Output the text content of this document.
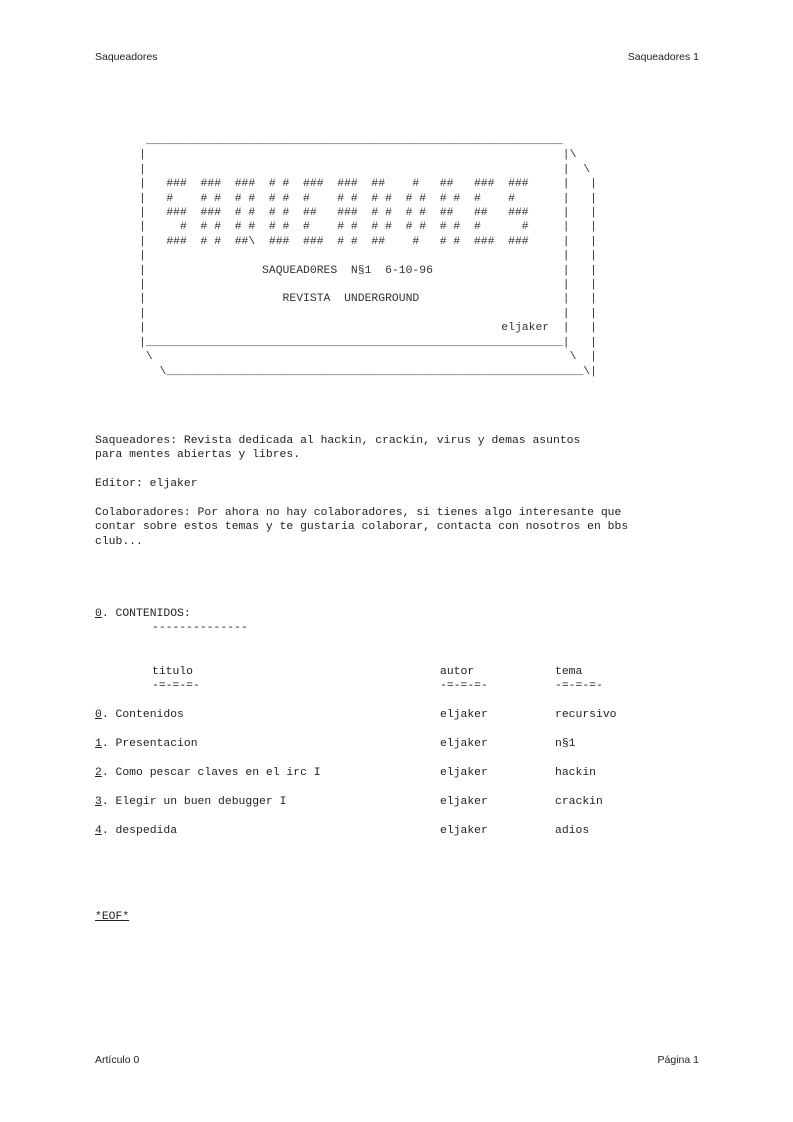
Saqueadores	Saqueadores 1
_____________________________________________________________
|                                                             |\
|                                                             |  \
|   ###  ###  ###  # #  ###  ###  ##    #   ##   ###  ###     |   |
|   #    # #  # #  # #  #    # #  # #  # #  # #  #    #       |   |
|   ###  ###  # #  # #  ##   ###  # #  # #  ##   ##   ###     |   |
|     #  # #  # #  # #  #    # #  # #  # #  # #  #      #     |   |
|   ###  # #  ##\  ###  ###  # #  ##    #   # #  ###  ###     |   |
|                                                             |   |
|                 SAQUEAD0RES  N§1  6-10-96                   |   |
|                                                             |   |
|                    REVISTA  UNDERGROUND                     |   |
|                                                             |   |
|                                                    eljaker  |   |
|_____________________________________________________________|   |
\                                                             \  |
\_____________________________________________________________\|
Saqueadores: Revista dedicada al hackin, crackin, virus y demas asuntos
para mentes abiertas y libres.
Editor: eljaker
Colaboradores: Por ahora no hay colaboradores, si tienes algo interesante que
contar sobre estos temas y te gustaria colaborar, contacta con nosotros en bbs
club...
0. CONTENIDOS:
--------------
titulo	autor	tema
-=-=-=-	-=-=-=-	-=-=-=-
0. Contenidos	eljaker	recursivo
1. Presentacion	eljaker	n§1
2. Como pescar claves en el irc I	eljaker	hackin
3. Elegir un buen debugger I	eljaker	crackin
4. despedida	eljaker	adios
*EOF*
Artículo 0	Página 1
